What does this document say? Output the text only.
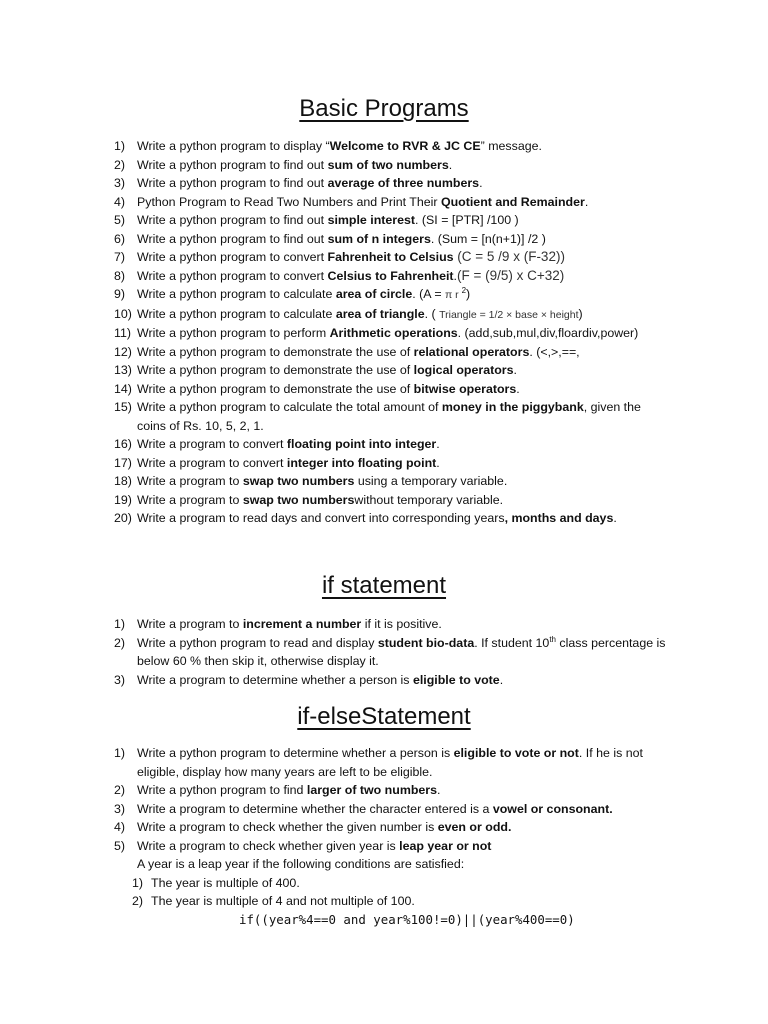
Basic Programs
1) Write a python program to display “Welcome to RVR & JC CE” message.
2) Write a python program to find out sum of two numbers.
3) Write a python program to find out average of three numbers.
4) Python Program to Read Two Numbers and Print Their Quotient and Remainder.
5) Write a python program to find out simple interest. (SI = [PTR] /100 )
6) Write a python program to find out sum of n integers. (Sum = [n(n+1)] /2 )
7) Write a python program to convert Fahrenheit to Celsius (C = 5 /9 x (F-32))
8) Write a python program to convert Celsius to Fahrenheit.(F = (9/5) x C+32)
9) Write a python program to calculate area of circle. (A = π r $^2$)
10) Write a python program to calculate area of triangle. ( Triangle = 1/2 × base × height)
11) Write a python program to perform Arithmetic operations. (add,sub,mul,div,floardiv,power)
12) Write a python program to demonstrate the use of relational operators. (<,>,==,
13) Write a python program to demonstrate the use of logical operators.
14) Write a python program to demonstrate the use of bitwise operators.
15) Write a python program to calculate the total amount of money in the piggybank, given the coins of Rs. 10, 5, 2, 1.
16) Write a program to convert floating point into integer.
17) Write a program to convert integer into floating point.
18) Write a program to swap two numbers using a temporary variable.
19) Write a program to swap two numberswithout temporary variable.
20) Write a program to read days and convert into corresponding years, months and days.
if statement
1) Write a program to increment a number if it is positive.
2) Write a python program to read and display student bio-data. If student 10th class percentage is below 60 % then skip it, otherwise display it.
3) Write a program to determine whether a person is eligible to vote.
if-elseStatement
1) Write a python program to determine whether a person is eligible to vote or not. If he is not eligible, display how many years are left to be eligible.
2) Write a python program to find larger of two numbers.
3) Write a program to determine whether the character entered is a vowel or consonant.
4) Write a program to check whether the given number is even or odd.
5) Write a program to check whether given year is leap year or not
A year is a leap year if the following conditions are satisfied:
1) The year is multiple of 400.
2) The year is multiple of 4 and not multiple of 100.
if((year%4==0 and year%100!=0)||(year%400==0)
